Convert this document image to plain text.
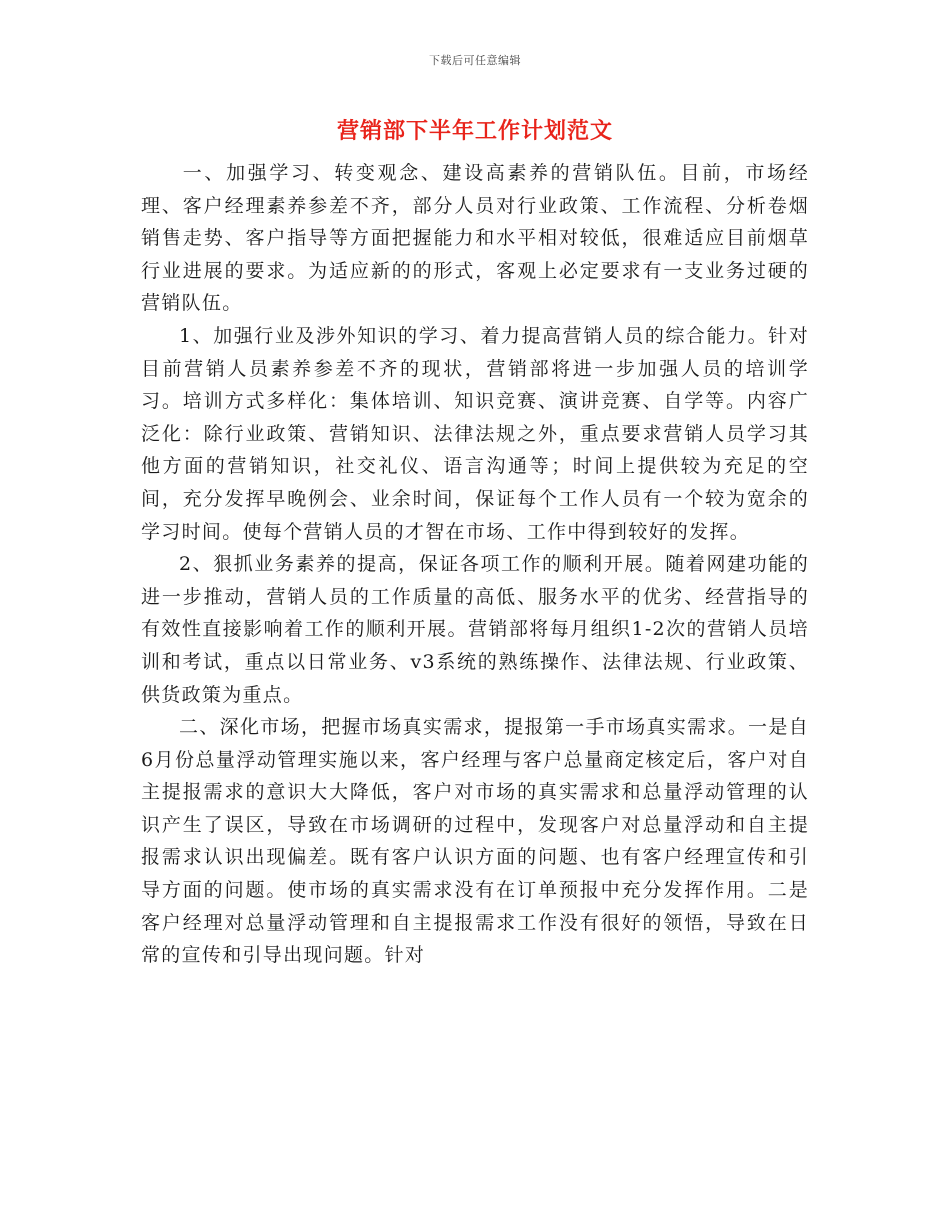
下载后可任意编辑
营销部下半年工作计划范文

一、加强学习、转变观念、建设高素养的营销队伍。目前，市场经理、客户经理素养参差不齐，部分人员对行业政策、工作流程、分析卷烟销售走势、客户指导等方面把握能力和水平相对较低，很难适应目前烟草行业进展的要求。为适应新的的形式，客观上必定要求有一支业务过硬的营销队伍。

1、加强行业及涉外知识的学习、着力提高营销人员的综合能力。针对目前营销人员素养参差不齐的现状，营销部将进一步加强人员的培训学习。培训方式多样化：集体培训、知识竞赛、演讲竞赛、自学等。内容广泛化：除行业政策、营销知识、法律法规之外，重点要求营销人员学习其他方面的营销知识，社交礼仪、语言沟通等；时间上提供较为充足的空间，充分发挥早晚例会、业余时间，保证每个工作人员有一个较为宽余的学习时间。使每个营销人员的才智在市场、工作中得到较好的发挥。

2、狠抓业务素养的提高，保证各项工作的顺利开展。随着网建功能的进一步推动，营销人员的工作质量的高低、服务水平的优劣、经营指导的有效性直接影响着工作的顺利开展。营销部将每月组织1-2次的营销人员培训和考试，重点以日常业务、v3系统的熟练操作、法律法规、行业政策、供货政策为重点。

二、深化市场，把握市场真实需求，提报第一手市场真实需求。一是自6月份总量浮动管理实施以来，客户经理与客户总量商定核定后，客户对自主提报需求的意识大大降低，客户对市场的真实需求和总量浮动管理的认识产生了误区，导致在市场调研的过程中，发现客户对总量浮动和自主提报需求认识出现偏差。既有客户认识方面的问题、也有客户经理宣传和引导方面的问题。使市场的真实需求没有在订单预报中充分发挥作用。二是客户经理对总量浮动管理和自主提报需求工作没有很好的领悟，导致在日常的宣传和引导出现问题。针对
